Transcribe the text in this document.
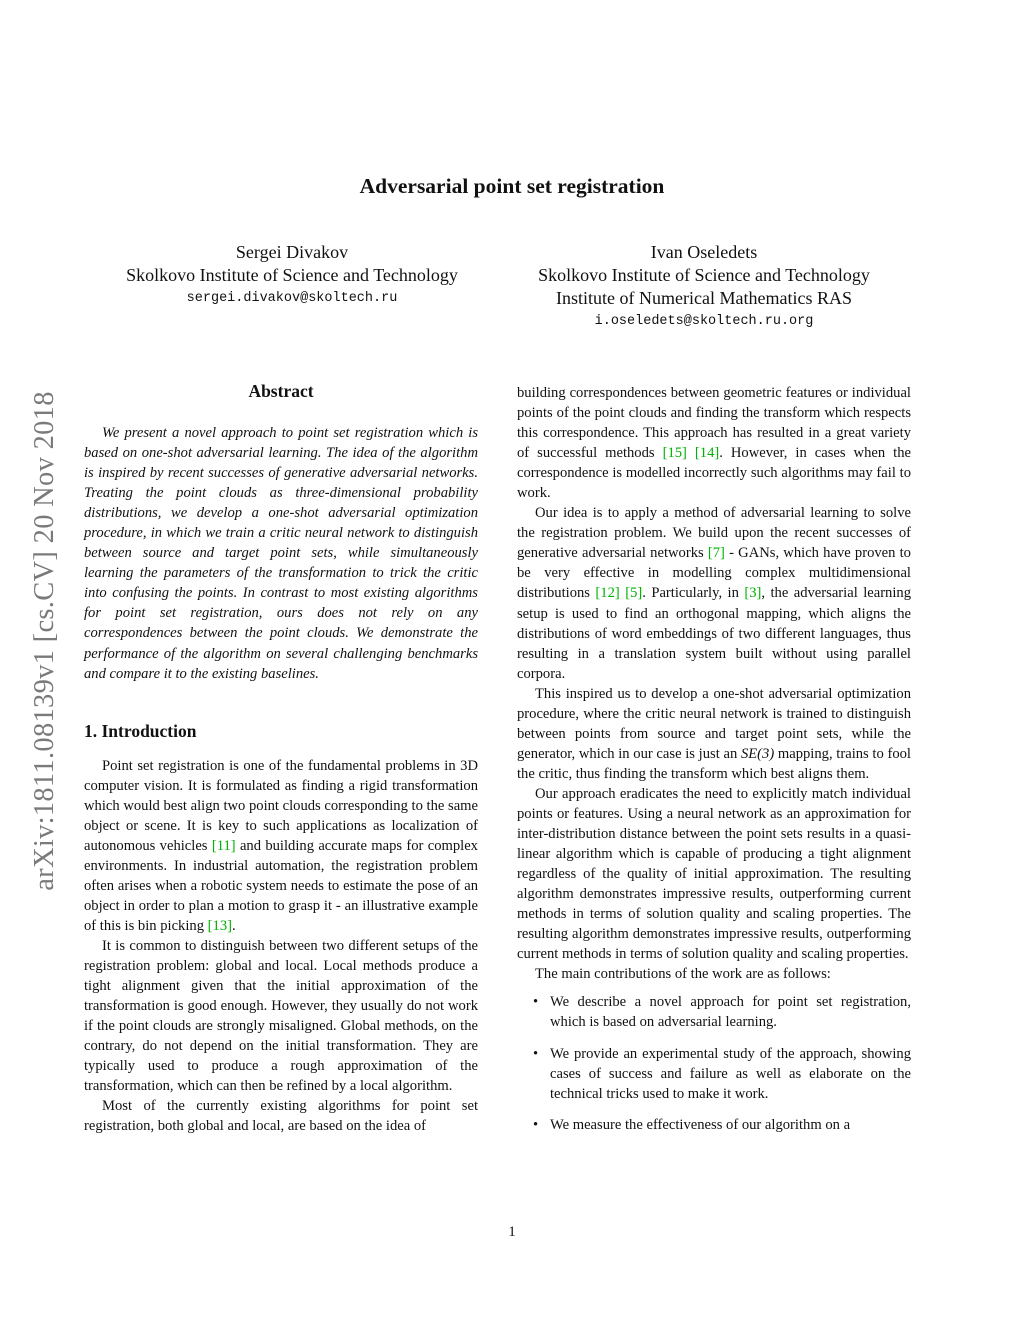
arXiv:1811.08139v1 [cs.CV] 20 Nov 2018
Adversarial point set registration
Sergei Divakov
Skolkovo Institute of Science and Technology
sergei.divakov@skoltech.ru
Ivan Oseledets
Skolkovo Institute of Science and Technology
Institute of Numerical Mathematics RAS
i.oseledets@skoltech.ru.org
Abstract

We present a novel approach to point set registration which is based on one-shot adversarial learning. The idea of the algorithm is inspired by recent successes of generative adversarial networks. Treating the point clouds as three-dimensional probability distributions, we develop a one-shot adversarial optimization procedure, in which we train a critic neural network to distinguish between source and target point sets, while simultaneously learning the parameters of the transformation to trick the critic into confusing the points. In contrast to most existing algorithms for point set registration, ours does not rely on any correspondences between the point clouds. We demonstrate the performance of the algorithm on several challenging benchmarks and compare it to the existing baselines.

1. Introduction

Point set registration is one of the fundamental problems in 3D computer vision. It is formulated as finding a rigid transformation which would best align two point clouds corresponding to the same object or scene. It is key to such applications as localization of autonomous vehicles [11] and building accurate maps for complex environments. In industrial automation, the registration problem often arises when a robotic system needs to estimate the pose of an object in order to plan a motion to grasp it - an illustrative example of this is bin picking [13].

It is common to distinguish between two different setups of the registration problem: global and local. Local methods produce a tight alignment given that the initial approximation of the transformation is good enough. However, they usually do not work if the point clouds are strongly misaligned. Global methods, on the contrary, do not depend on the initial transformation. They are typically used to produce a rough approximation of the transformation, which can then be refined by a local algorithm.

Most of the currently existing algorithms for point set registration, both global and local, are based on the idea of

building correspondences between geometric features or individual points of the point clouds and finding the transform which respects this correspondence. This approach has resulted in a great variety of successful methods [15] [14]. However, in cases when the correspondence is modelled incorrectly such algorithms may fail to work.

Our idea is to apply a method of adversarial learning to solve the registration problem. We build upon the recent successes of generative adversarial networks [7] - GANs, which have proven to be very effective in modelling complex multidimensional distributions [12] [5]. Particularly, in [3], the adversarial learning setup is used to find an orthogonal mapping, which aligns the distributions of word embeddings of two different languages, thus resulting in a translation system built without using parallel corpora.

This inspired us to develop a one-shot adversarial optimization procedure, where the critic neural network is trained to distinguish between points from source and target point sets, while the generator, which in our case is just an SE(3) mapping, trains to fool the critic, thus finding the transform which best aligns them.

Our approach eradicates the need to explicitly match individual points or features. Using a neural network as an approximation for inter-distribution distance between the point sets results in a quasi-linear algorithm which is capable of producing a tight alignment regardless of the quality of initial approximation. The resulting algorithm demonstrates impressive results, outperforming current methods in terms of solution quality and scaling properties. The resulting algorithm demonstrates impressive results, outperforming current methods in terms of solution quality and scaling properties.

The main contributions of the work are as follows:

• We describe a novel approach for point set registration, which is based on adversarial learning.
• We provide an experimental study of the approach, showing cases of success and failure as well as elaborate on the technical tricks used to make it work.
• We measure the effectiveness of our algorithm on a
1
